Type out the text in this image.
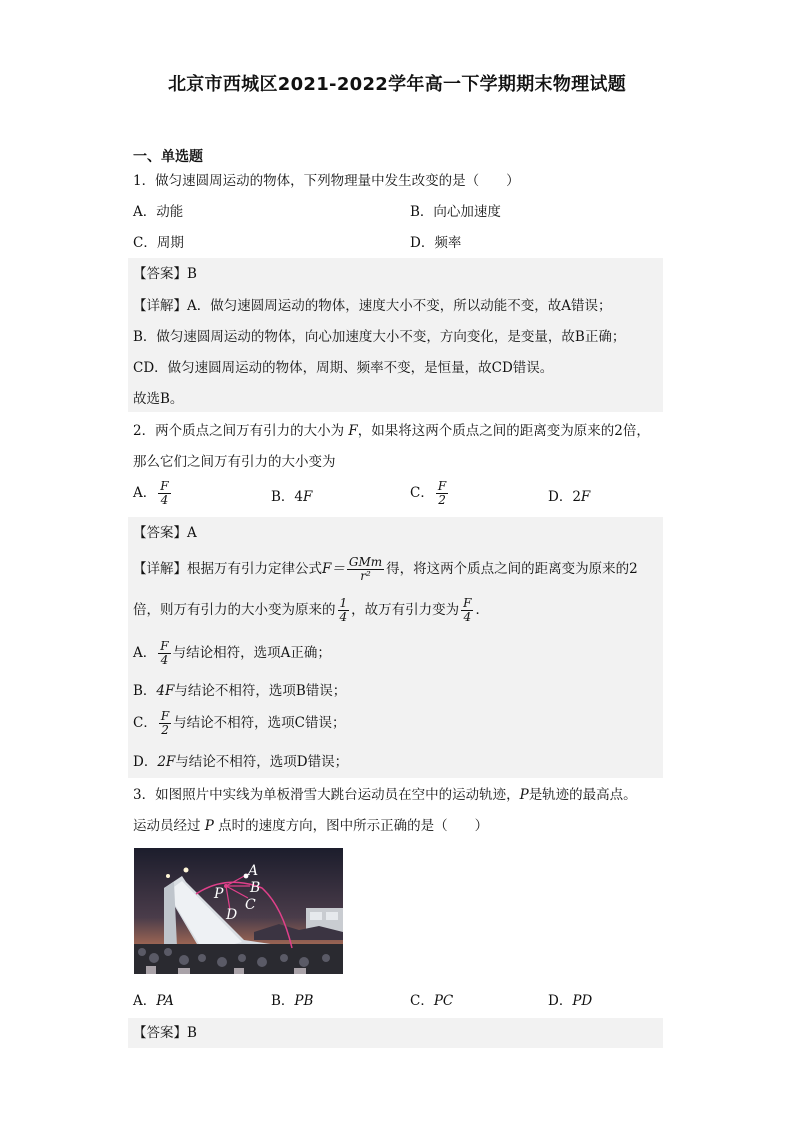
北京市西城区2021-2022学年高一下学期期末物理试题
一、单选题
1．做匀速圆周运动的物体，下列物理量中发生改变的是（　　）
A．动能	B．向心加速度
C．周期	D．频率
【答案】B
【详解】A．做匀速圆周运动的物体，速度大小不变，所以动能不变，故A错误；
B．做匀速圆周运动的物体，向心加速度大小不变，方向变化，是变量，故B正确；
CD．做匀速圆周运动的物体，周期、频率不变，是恒量，故CD错误。
故选B。
2．两个质点之间万有引力的大小为 F，如果将这两个质点之间的距离变为原来的2倍，
那么它们之间万有引力的大小变为
A． $\frac{F}{4}$	B．4F	C． $\frac{F}{2}$	D．2F
【答案】A
【详解】根据万有引力定律公式$F= \frac{\text{GMm}}{\text{r²}}$ 得，将这两个质点之间的距离变为原来的2
倍，则万有引力的大小变为原来的 $\frac{1}{4}$ ，故万有引力变为 $\frac{F}{4}$ ．
A． $\frac{F}{4}$ 与结论相符，选项A正确；
B．4F与结论不相符，选项B错误；
C． $\frac{F}{2}$ 与结论不相符，选项C错误；
D．2F与结论不相符，选项D错误；
3．如图照片中实线为单板滑雪大跳台运动员在空中的运动轨迹，P是轨迹的最高点。
运动员经过 P 点时的速度方向，图中所示正确的是（　　）
A
B
C
D
P
A．PA	B．PB	C．PC	D．PD
【答案】B
